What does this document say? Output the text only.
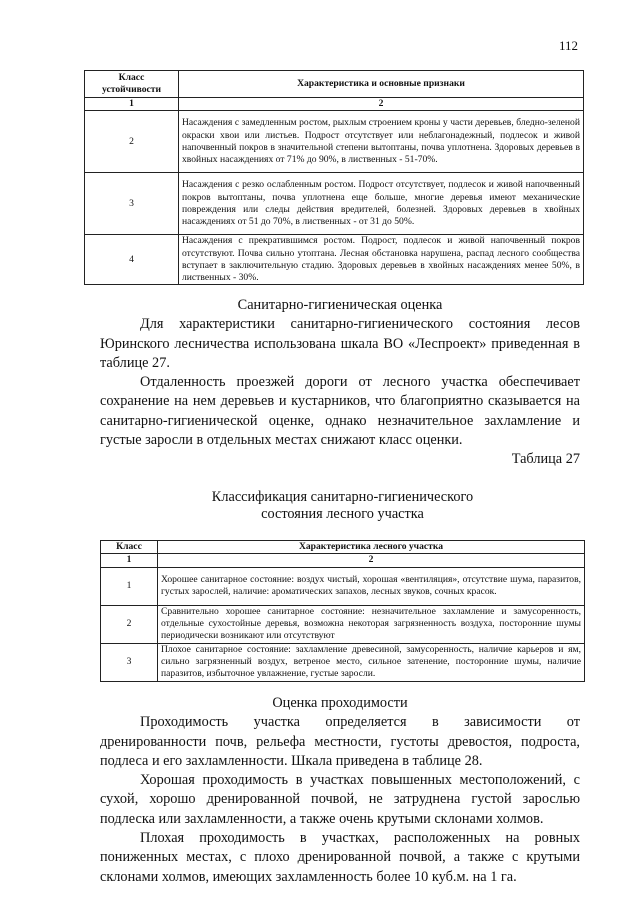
112
Класс устойчивости	Характеристика и основные признаки
1	2
2	Насаждения с замедленным ростом, рыхлым строением кроны у части деревьев, бледно-зеленой окраски хвои или листьев. Подрост отсутствует или неблагонадежный, подлесок и живой напочвенный покров в значительной степени вытоптаны, почва уплотнена. Здоровых деревьев в хвойных насаждениях от 71% до 90%, в лиственных - 51-70%.
3	Насаждения с резко ослабленным ростом. Подрост отсутствует, подлесок и живой напочвенный покров вытоптаны, почва уплотнена еще больше, многие деревья имеют механические повреждения или следы действия вредителей, болезней. Здоровых деревьев в хвойных насаждениях от 51 до 70%, в лиственных - от 31 до 50%.
4	Насаждения с прекратившимся ростом. Подрост, подлесок и живой напочвенный покров отсутствуют. Почва сильно утоптана. Лесная обстановка нарушена, распад лесного сообщества вступает в заключительную стадию. Здоровых деревьев в хвойных насаждениях менее 50%, в лиственных - 30%.

Санитарно-гигиеническая оценка

Для характеристики санитарно-гигиенического состояния лесов Юринского лесничества использована шкала ВО «Леспроект» приведенная в таблице 27.

Отдаленность проезжей дороги от лесного участка обеспечивает сохранение на нем деревьев и кустарников, что благоприятно сказывается на санитарно-гигиенической оценке, однако незначительное захламление и густые заросли в отдельных местах снижают класс оценки.

Таблица 27

Классификация санитарно-гигиенического
состояния лесного участка
Класс	Характеристика лесного участка
1	2
1	Хорошее санитарное состояние: воздух чистый, хорошая «вентиляция», отсутствие шума, паразитов, густых зарослей, наличие: ароматических запахов, лесных звуков, сочных красок.
2	Сравнительно хорошее санитарное состояние: незначительное захламление и замусоренность, отдельные сухостойные деревья, возможна некоторая загрязненность воздуха, посторонние шумы периодически возникают или отсутствуют
3	Плохое санитарное состояние: захламление древесиной, замусоренность, наличие карьеров и ям, сильно загрязненный воздух, ветреное место, сильное затенение, посторонние шумы, наличие паразитов, избыточное увлажнение, густые заросли.

Оценка проходимости

Проходимость участка определяется в зависимости от дренированности почв, рельефа местности, густоты древостоя, подроста, подлеса и его захламленности. Шкала приведена в таблице 28.

Хорошая проходимость в участках повышенных местоположений, с сухой, хорошо дренированной почвой, не затруднена густой зарослью подлеска или захламленности, а также очень крутыми склонами холмов.

Плохая проходимость в участках, расположенных на ровных пониженных местах, с плохо дренированной почвой, а также с крутыми склонами холмов, имеющих захламленность более 10 куб.м. на 1 га.
